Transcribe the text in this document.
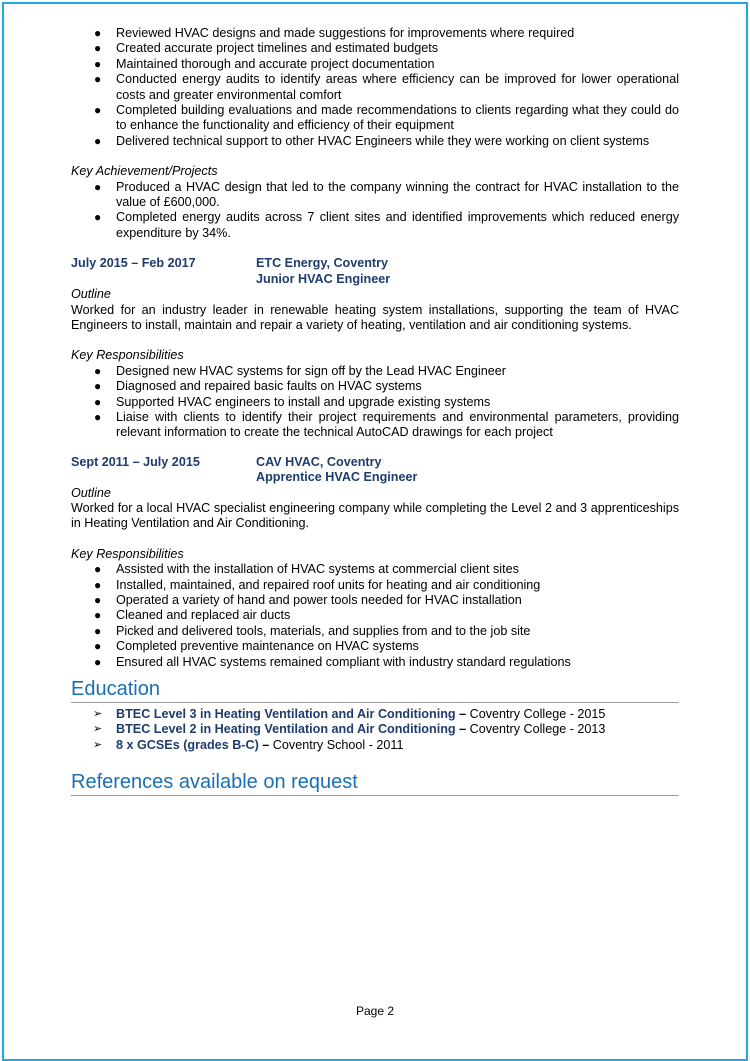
● Reviewed HVAC designs and made suggestions for improvements where required
● Created accurate project timelines and estimated budgets
● Maintained thorough and accurate project documentation
● Conducted energy audits to identify areas where efficiency can be improved for lower operational costs and greater environmental comfort
● Completed building evaluations and made recommendations to clients regarding what they could do to enhance the functionality and efficiency of their equipment
● Delivered technical support to other HVAC Engineers while they were working on client systems
Key Achievement/Projects
● Produced a HVAC design that led to the company winning the contract for HVAC installation to the value of £600,000.
● Completed energy audits across 7 client sites and identified improvements which reduced energy expenditure by 34%.
July 2015 – Feb 2017	ETC Energy, Coventry
Junior HVAC Engineer
Outline
Worked for an industry leader in renewable heating system installations, supporting the team of HVAC Engineers to install, maintain and repair a variety of heating, ventilation and air conditioning systems.
Key Responsibilities
● Designed new HVAC systems for sign off by the Lead HVAC Engineer
● Diagnosed and repaired basic faults on HVAC systems
● Supported HVAC engineers to install and upgrade existing systems
● Liaise with clients to identify their project requirements and environmental parameters, providing relevant information to create the technical AutoCAD drawings for each project
Sept 2011 – July 2015	CAV HVAC, Coventry
Apprentice HVAC Engineer
Outline
Worked for a local HVAC specialist engineering company while completing the Level 2 and 3 apprenticeships in Heating Ventilation and Air Conditioning.
Key Responsibilities
● Assisted with the installation of HVAC systems at commercial client sites
● Installed, maintained, and repaired roof units for heating and air conditioning
● Operated a variety of hand and power tools needed for HVAC installation
● Cleaned and replaced air ducts
● Picked and delivered tools, materials, and supplies from and to the job site
● Completed preventive maintenance on HVAC systems
● Ensured all HVAC systems remained compliant with industry standard regulations
Education
➢ BTEC Level 3 in Heating Ventilation and Air Conditioning – Coventry College - 2015
➢ BTEC Level 2 in Heating Ventilation and Air Conditioning – Coventry College - 2013
➢ 8 x GCSEs (grades B-C) – Coventry School - 2011
References available on request
Page 2
